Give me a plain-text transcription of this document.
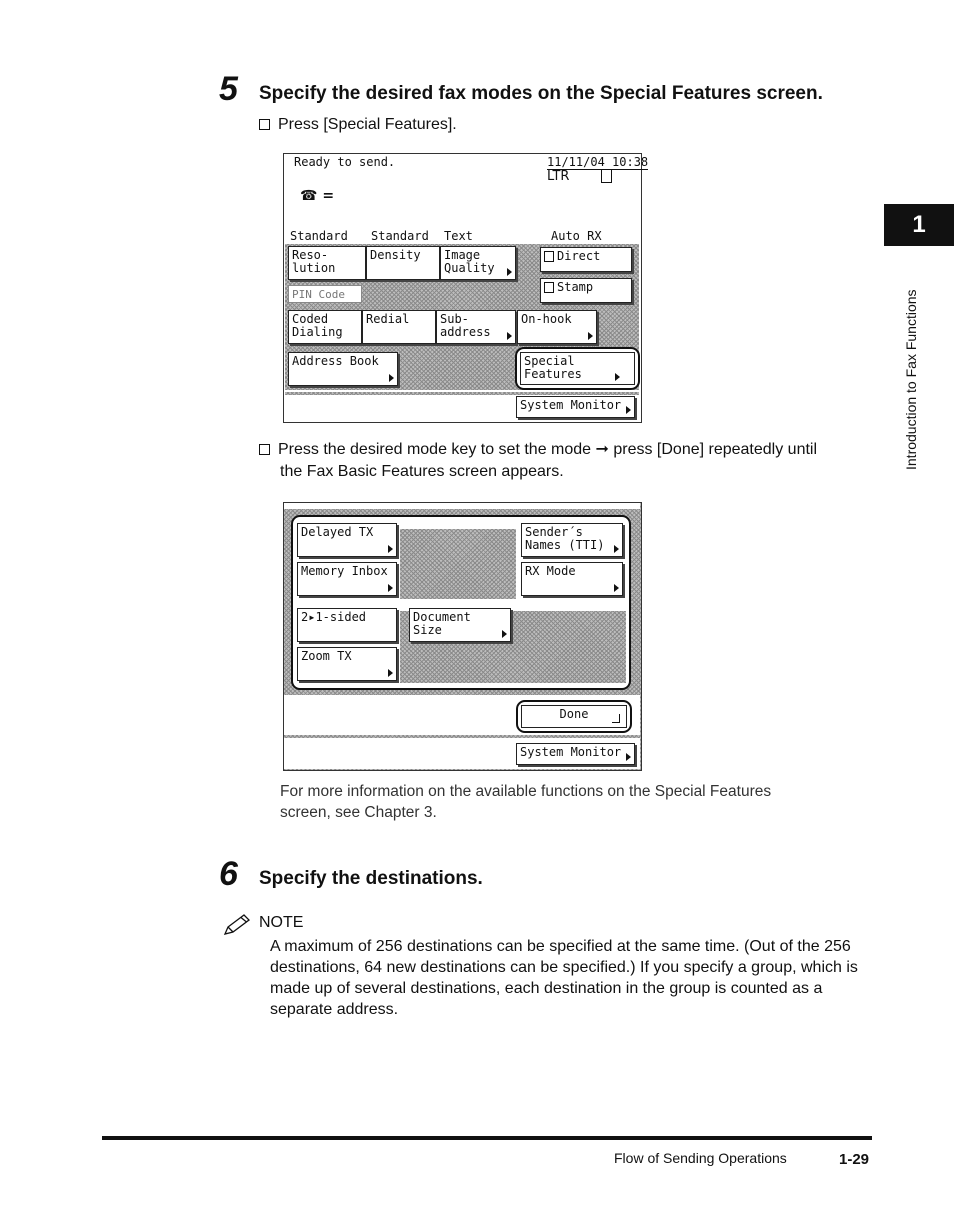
5 Specify the desired fax modes on the Special Features screen.
Press [Special Features].
Ready to send.	11/11/04 10:38
LTR
☎ =
Standard Standard Text	Auto RX
Reso-
lution
Density	Image
Quality
Direct
PIN Code
Stamp
Coded
Dialing
Redial	Sub-
address
On-hook
Address Book	Special
Features
System Monitor
Press the desired mode key to set the mode ➞ press [Done] repeatedly until
the Fax Basic Features screen appears.
Delayed TX	Sender´s
Names (TTI)
Memory Inbox	RX Mode
2▸1-sided	Document
Size
Zoom TX
Done
System Monitor
For more information on the available functions on the Special Features
screen, see Chapter 3.
6 Specify the destinations.
NOTE
A maximum of 256 destinations can be specified at the same time. (Out of the 256
destinations, 64 new destinations can be specified.) If you specify a group, which is
made up of several destinations, each destination in the group is counted as a
separate address.
1
Introduction to Fax Functions
Flow of Sending Operations	1-29
